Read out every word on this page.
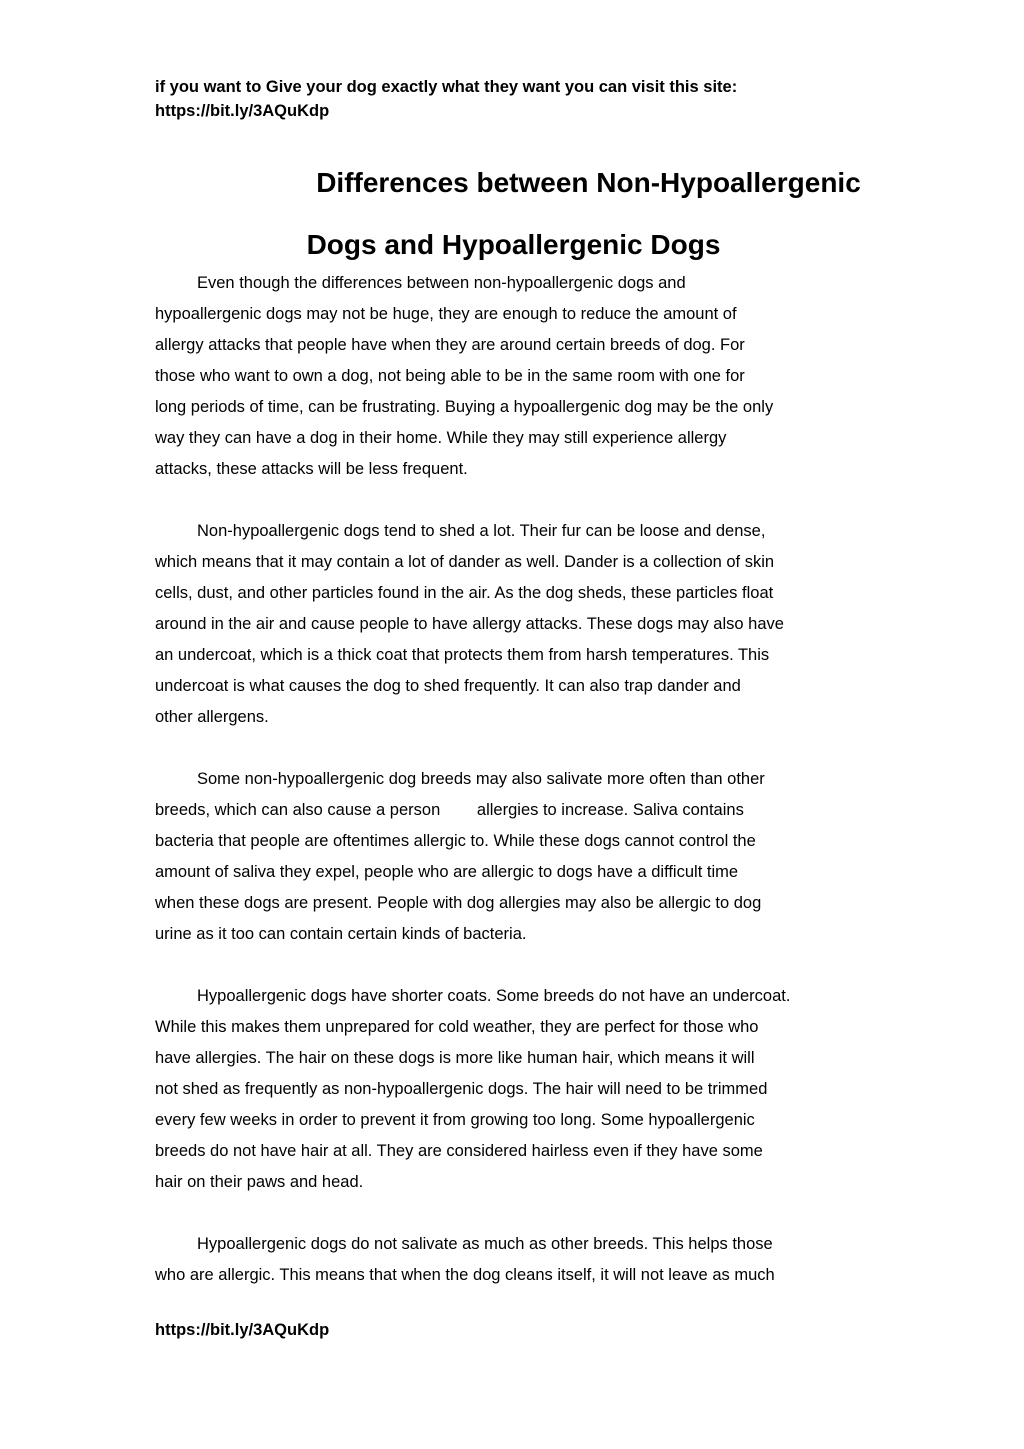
if you want to Give your dog exactly what they want you can visit this site:
https://bit.ly/3AQuKdp
Differences between Non-Hypoallergenic
Dogs and Hypoallergenic Dogs
Even though the differences between non-hypoallergenic dogs and
hypoallergenic dogs may not be huge, they are enough to reduce the amount of
allergy attacks that people have when they are around certain breeds of dog. For
those who want to own a dog, not being able to be in the same room with one for
long periods of time, can be frustrating. Buying a hypoallergenic dog may be the only
way they can have a dog in their home. While they may still experience allergy
attacks, these attacks will be less frequent.
Non-hypoallergenic dogs tend to shed a lot. Their fur can be loose and dense,
which means that it may contain a lot of dander as well. Dander is a collection of skin
cells, dust, and other particles found in the air. As the dog sheds, these particles float
around in the air and cause people to have allergy attacks. These dogs may also have
an undercoat, which is a thick coat that protects them from harsh temperatures. This
undercoat is what causes the dog to shed frequently. It can also trap dander and
other allergens.
Some non-hypoallergenic dog breeds may also salivate more often than other
breeds, which can also cause a person        allergies to increase. Saliva contains
bacteria that people are oftentimes allergic to. While these dogs cannot control the
amount of saliva they expel, people who are allergic to dogs have a difficult time
when these dogs are present. People with dog allergies may also be allergic to dog
urine as it too can contain certain kinds of bacteria.
Hypoallergenic dogs have shorter coats. Some breeds do not have an undercoat.
While this makes them unprepared for cold weather, they are perfect for those who
have allergies. The hair on these dogs is more like human hair, which means it will
not shed as frequently as non-hypoallergenic dogs. The hair will need to be trimmed
every few weeks in order to prevent it from growing too long. Some hypoallergenic
breeds do not have hair at all. They are considered hairless even if they have some
hair on their paws and head.
Hypoallergenic dogs do not salivate as much as other breeds. This helps those
who are allergic. This means that when the dog cleans itself, it will not leave as much
https://bit.ly/3AQuKdp
